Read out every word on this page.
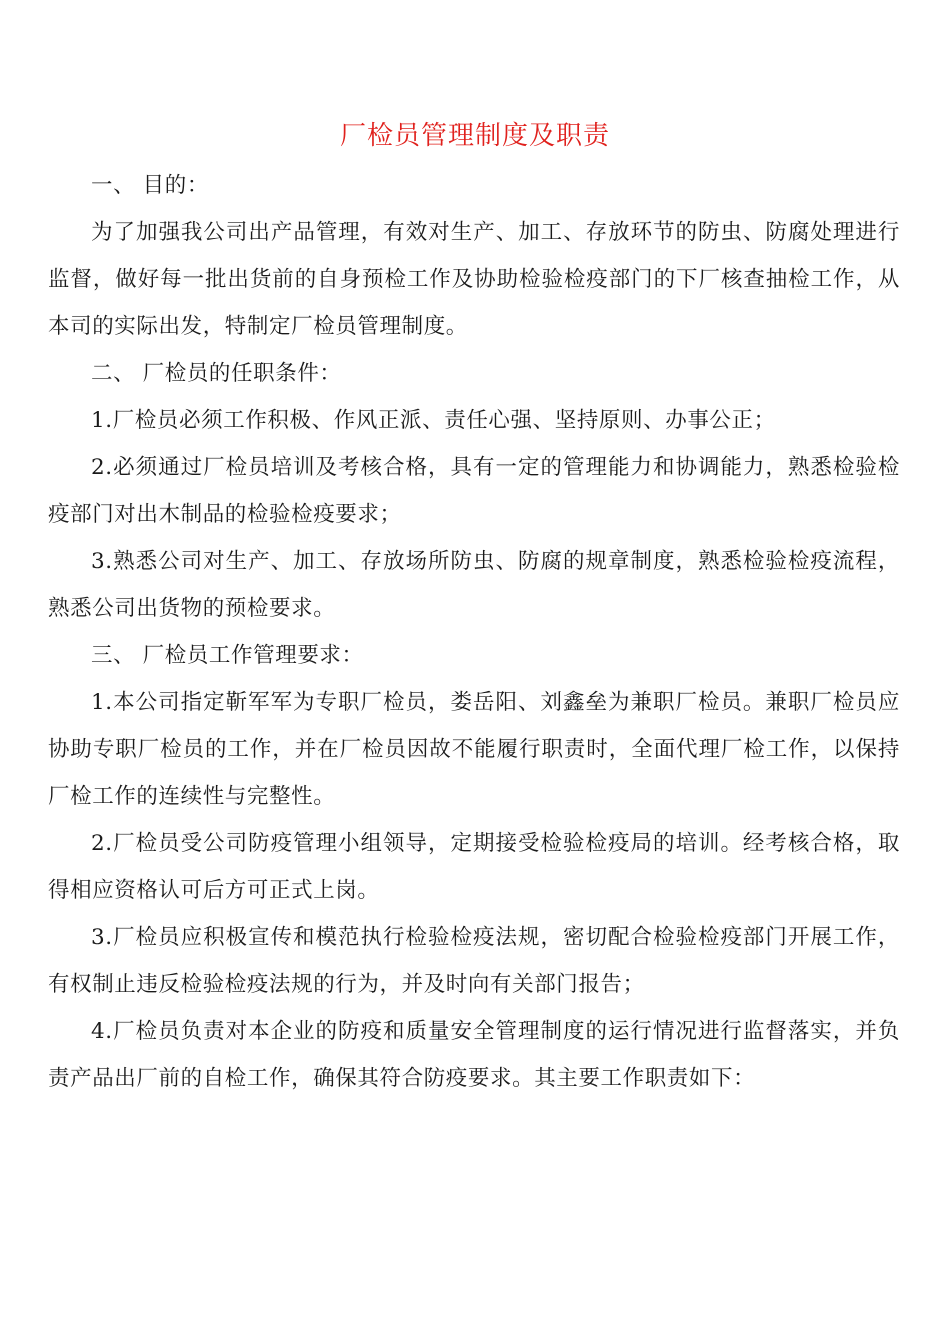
厂检员管理制度及职责

一、 目的：

为了加强我公司出产品管理，有效对生产、加工、存放环节的防虫、防腐处理进行监督，做好每一批出货前的自身预检工作及协助检验检疫部门的下厂核查抽检工作，从本司的实际出发，特制定厂检员管理制度。

二、 厂检员的任职条件：

1.厂检员必须工作积极、作风正派、责任心强、坚持原则、办事公正；

2.必须通过厂检员培训及考核合格，具有一定的管理能力和协调能力，熟悉检验检疫部门对出木制品的检验检疫要求；

3.熟悉公司对生产、加工、存放场所防虫、防腐的规章制度，熟悉检验检疫流程，熟悉公司出货物的预检要求。

三、 厂检员工作管理要求：

1.本公司指定靳军军为专职厂检员，娄岳阳、刘鑫垒为兼职厂检员。兼职厂检员应协助专职厂检员的工作，并在厂检员因故不能履行职责时，全面代理厂检工作，以保持厂检工作的连续性与完整性。

2.厂检员受公司防疫管理小组领导，定期接受检验检疫局的培训。经考核合格，取得相应资格认可后方可正式上岗。

3.厂检员应积极宣传和模范执行检验检疫法规，密切配合检验检疫部门开展工作，有权制止违反检验检疫法规的行为，并及时向有关部门报告；

4.厂检员负责对本企业的防疫和质量安全管理制度的运行情况进行监督落实，并负责产品出厂前的自检工作，确保其符合防疫要求。其主要工作职责如下：
